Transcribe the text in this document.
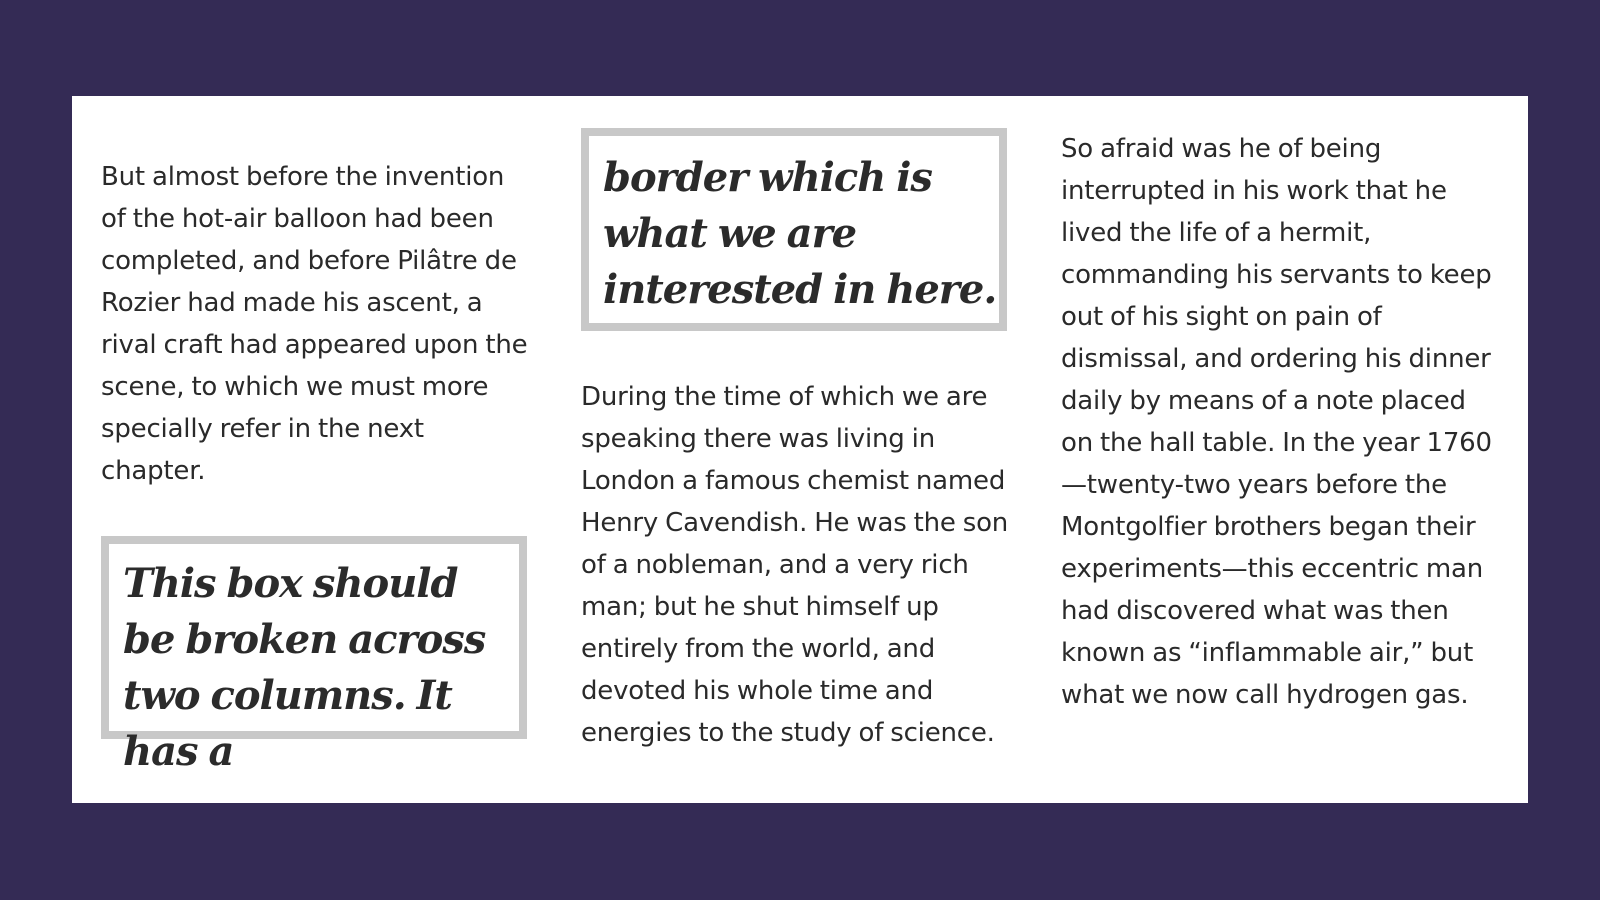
But almost before the invention of the hot-air balloon had been completed, and before Pilâtre de Rozier had made his ascent, a rival craft had appeared upon the scene, to which we must more specially refer in the next chapter.

This box should be broken across two columns. It has a

border which is what we are interested in here.

During the time of which we are speaking there was living in London a famous chemist named Henry Cavendish. He was the son of a nobleman, and a very rich man; but he shut himself up entirely from the world, and devoted his whole time and energies to the study of science.

So afraid was he of being interrupted in his work that he lived the life of a hermit, commanding his servants to keep out of his sight on pain of dismissal, and ordering his dinner daily by means of a note placed on the hall table. In the year 1760—twenty-two years before the Montgolfier brothers began their experiments—this eccentric man had discovered what was then known as “inflammable air,” but what we now call hydrogen gas.
